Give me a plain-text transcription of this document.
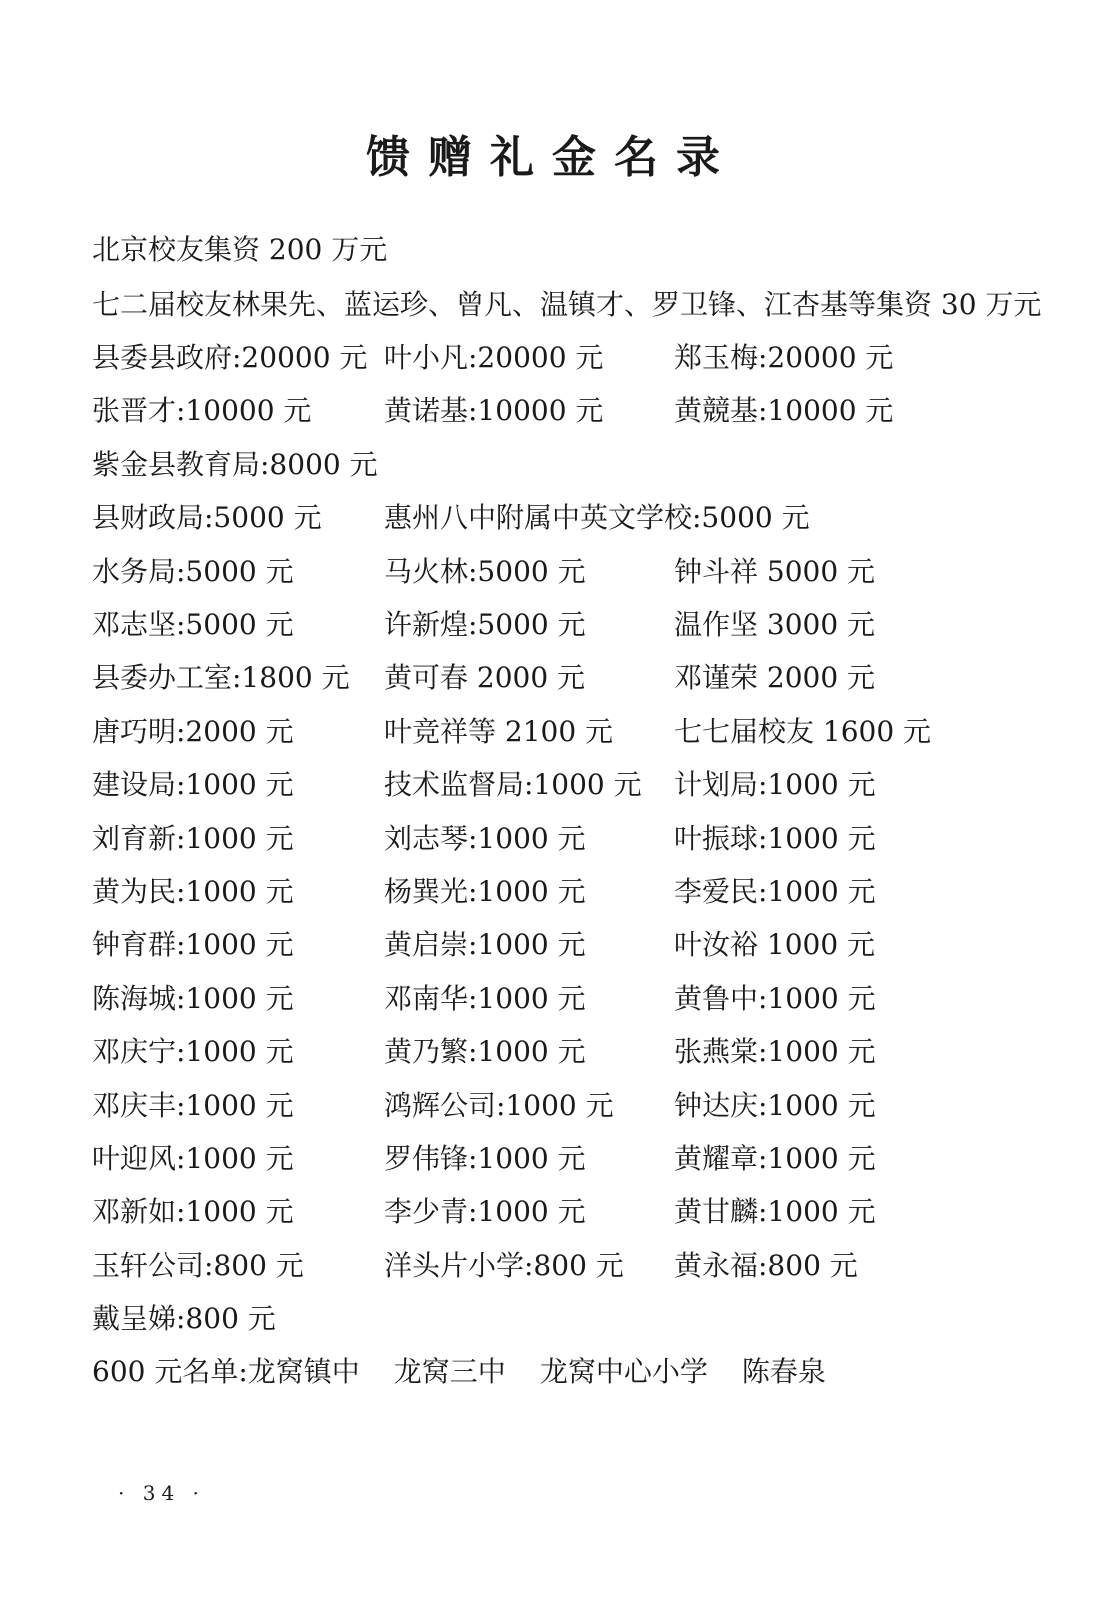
馈赠礼金名录
北京校友集资 200 万元
七二届校友林果先、蓝运珍、曾凡、温镇才、罗卫锋、江杏基等集资 30 万元
县委县政府:20000 元 叶小凡:20000 元	郑玉梅:20000 元
张晋才:10000 元	黄诺基:10000 元	黄競基:10000 元
紫金县教育局:8000 元
县财政局:5000 元 惠州八中附属中英文学校:5000 元
水务局:5000 元	马火林:5000 元	钟斗祥 5000 元
邓志坚:5000 元	许新煌:5000 元	温作坚 3000 元
县委办工室:1800 元 黄可春 2000 元	邓谨荣 2000 元
唐巧明:2000 元	叶竞祥等 2100 元 七七届校友 1600 元
建设局:1000 元	技术监督局:1000 元 计划局:1000 元
刘育新:1000 元	刘志琴:1000 元	叶振球:1000 元
黄为民:1000 元	杨巽光:1000 元	李爱民:1000 元
钟育群:1000 元	黄启崇:1000 元	叶汝裕 1000 元
陈海城:1000 元	邓南华:1000 元	黄鲁中:1000 元
邓庆宁:1000 元	黄乃繁:1000 元	张燕棠:1000 元
邓庆丰:1000 元	鸿辉公司:1000 元 钟达庆:1000 元
叶迎风:1000 元	罗伟锋:1000 元	黄耀章:1000 元
邓新如:1000 元	李少青:1000 元	黄甘麟:1000 元
玉轩公司:800 元	洋头片小学:800 元 黄永福:800 元
戴呈娣:800 元
600 元名单:龙窝镇中 龙窝三中 龙窝中心小学 陈春泉
· 34 ·
